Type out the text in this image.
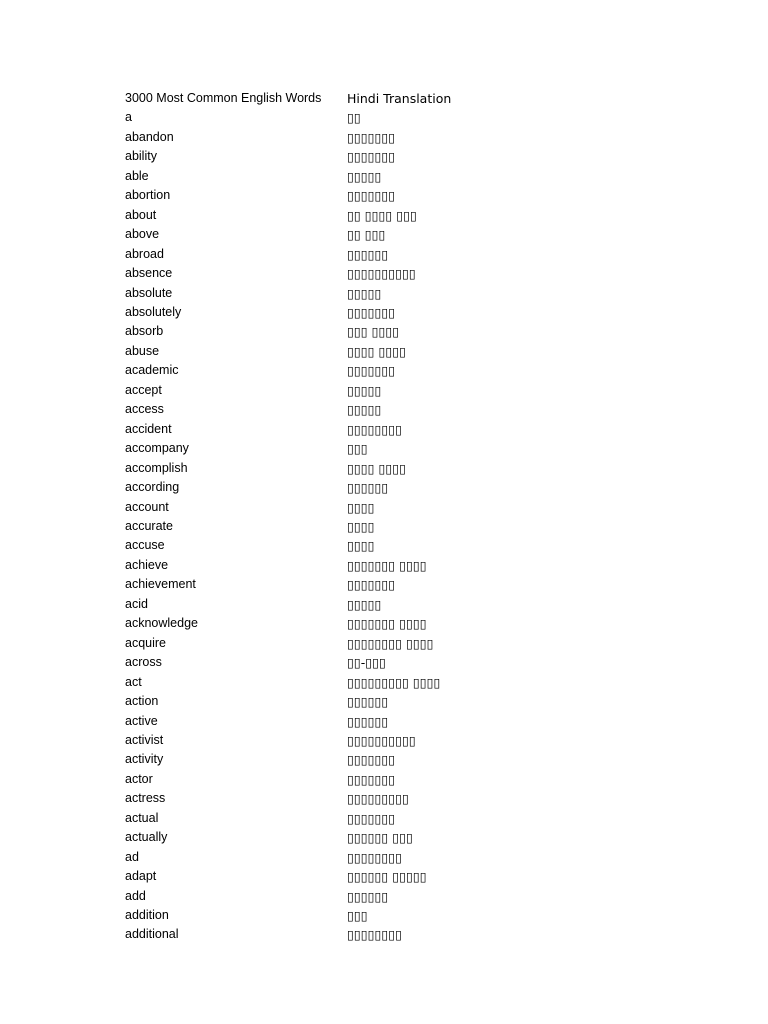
3000 Most Common English Words	Hindi Translation
a	▯▯
abandon	▯▯▯▯▯▯▯
ability	▯▯▯▯▯▯▯
able	▯▯▯▯▯
abortion	▯▯▯▯▯▯▯
about	▯▯ ▯▯▯▯ ▯▯▯
above	▯▯ ▯▯▯
abroad	▯▯▯▯▯▯
absence	▯▯▯▯▯▯▯▯▯▯
absolute	▯▯▯▯▯
absolutely	▯▯▯▯▯▯▯
absorb	▯▯▯ ▯▯▯▯
abuse	▯▯▯▯ ▯▯▯▯
academic	▯▯▯▯▯▯▯
accept	▯▯▯▯▯
access	▯▯▯▯▯
accident	▯▯▯▯▯▯▯▯
accompany	▯▯▯
accomplish	▯▯▯▯ ▯▯▯▯
according	▯▯▯▯▯▯
account	▯▯▯▯
accurate	▯▯▯▯
accuse	▯▯▯▯
achieve	▯▯▯▯▯▯▯ ▯▯▯▯
achievement	▯▯▯▯▯▯▯
acid	▯▯▯▯▯
acknowledge	▯▯▯▯▯▯▯ ▯▯▯▯
acquire	▯▯▯▯▯▯▯▯ ▯▯▯▯
across	▯▯-▯▯▯
act	▯▯▯▯▯▯▯▯▯ ▯▯▯▯
action	▯▯▯▯▯▯
active	▯▯▯▯▯▯
activist	▯▯▯▯▯▯▯▯▯▯
activity	▯▯▯▯▯▯▯
actor	▯▯▯▯▯▯▯
actress	▯▯▯▯▯▯▯▯▯
actual	▯▯▯▯▯▯▯
actually	▯▯▯▯▯▯ ▯▯▯
ad	▯▯▯▯▯▯▯▯
adapt	▯▯▯▯▯▯ ▯▯▯▯▯
add	▯▯▯▯▯▯
addition	▯▯▯
additional	▯▯▯▯▯▯▯▯
